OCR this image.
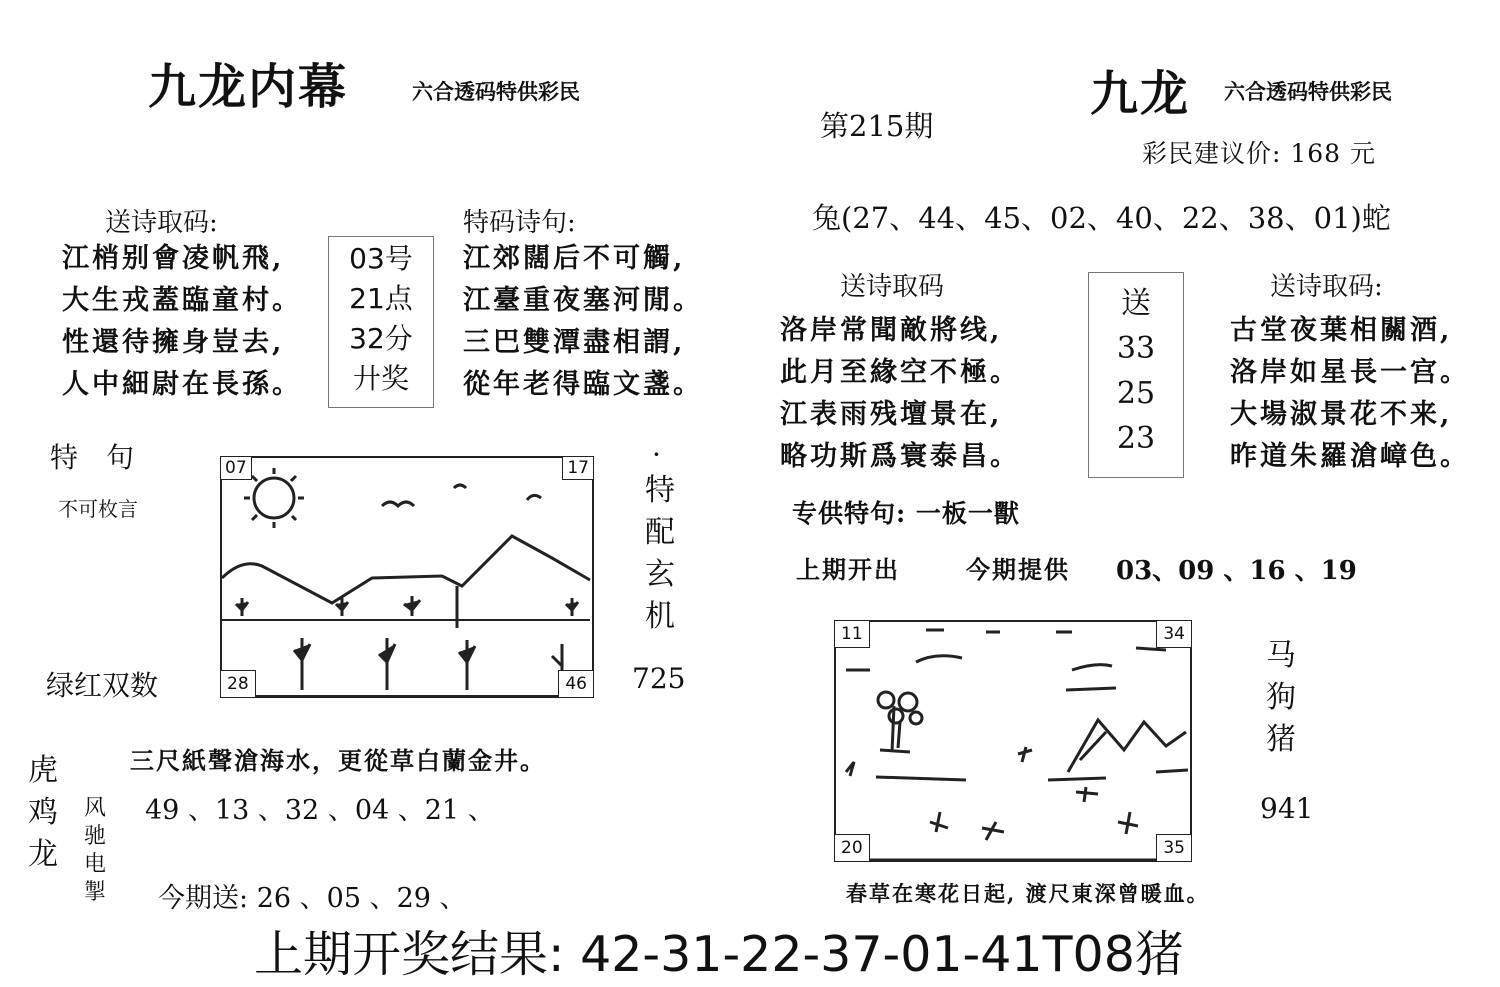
九龙内幕	六合透码特供彩民
送诗取码:
江梢别會凌帆飛,
大生戎蓋臨童村。
性還待擁身豈去,
人中細尉在長孫。
03号
21点
32分
廾奖
特码诗句:
江郊闊后不可觸,
江臺重夜塞河閒。
三巴雙潭盡相謂,
從年老得臨文盞。
特　句
不可枚言
07	17
28	46
绿红双数
·
特
配
玄
机
725
三尺紙聲滄海水，更從草白蘭金井。
虎
鸡
龙
风
驰
电
掣
49 、13 、32 、04 、21 、
今期送: 26 、05 、29 、
九龙 六合透码特供彩民
第215期
彩民建议价: 168 元
兔(27、44、45、02、40、22、38、01)蛇
送诗取码
洛岸常聞敵將线,
此月至緣空不極。
江表雨残壇景在,
略功斯爲寰泰昌。
送
33
25
23
送诗取码:
古堂夜葉相關酒,
洛岸如星長一宫。
大場淑景花不来,
昨道朱羅滄嶂色。
专供特句: 一板一獸
上期开出	今期提供 03、09 、16 、19
11	34
20	35
马
狗
猪
941
春草在寒花日起, 渡尺東深曾暖血。
上期开奖结果: 42-31-22-37-01-41T08猪
